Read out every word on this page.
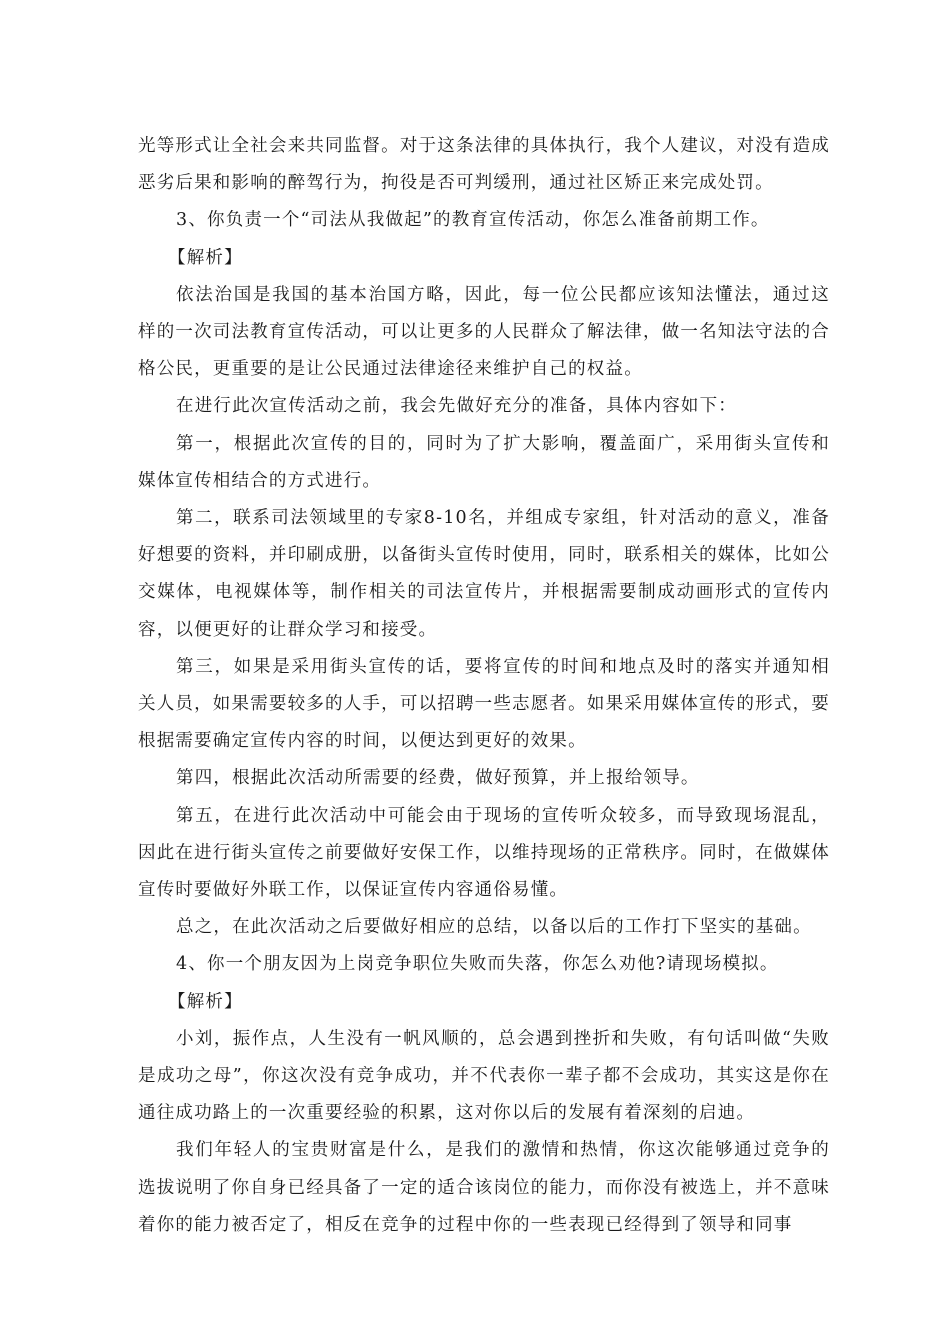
光等形式让全社会来共同监督。对于这条法律的具体执行，我个人建议，对没有造成恶劣后果和影响的醉驾行为，拘役是否可判缓刑，通过社区矫正来完成处罚。

3、你负责一个“司法从我做起”的教育宣传活动，你怎么准备前期工作。

【解析】

依法治国是我国的基本治国方略，因此，每一位公民都应该知法懂法，通过这样的一次司法教育宣传活动，可以让更多的人民群众了解法律，做一名知法守法的合格公民，更重要的是让公民通过法律途径来维护自己的权益。

在进行此次宣传活动之前，我会先做好充分的准备，具体内容如下：

第一，根据此次宣传的目的，同时为了扩大影响，覆盖面广，采用街头宣传和媒体宣传相结合的方式进行。

第二，联系司法领域里的专家8-10名，并组成专家组，针对活动的意义，准备好想要的资料，并印刷成册，以备街头宣传时使用，同时，联系相关的媒体，比如公交媒体，电视媒体等，制作相关的司法宣传片，并根据需要制成动画形式的宣传内容，以便更好的让群众学习和接受。

第三，如果是采用街头宣传的话，要将宣传的时间和地点及时的落实并通知相关人员，如果需要较多的人手，可以招聘一些志愿者。如果采用媒体宣传的形式，要根据需要确定宣传内容的时间，以便达到更好的效果。

第四，根据此次活动所需要的经费，做好预算，并上报给领导。

第五，在进行此次活动中可能会由于现场的宣传听众较多，而导致现场混乱，因此在进行街头宣传之前要做好安保工作，以维持现场的正常秩序。同时，在做媒体宣传时要做好外联工作，以保证宣传内容通俗易懂。

总之，在此次活动之后要做好相应的总结，以备以后的工作打下坚实的基础。

4、你一个朋友因为上岗竞争职位失败而失落，你怎么劝他?请现场模拟。

【解析】

小刘，振作点，人生没有一帆风顺的，总会遇到挫折和失败，有句话叫做“失败是成功之母”，你这次没有竞争成功，并不代表你一辈子都不会成功，其实这是你在通往成功路上的一次重要经验的积累，这对你以后的发展有着深刻的启迪。

我们年轻人的宝贵财富是什么，是我们的激情和热情，你这次能够通过竞争的选拔说明了你自身已经具备了一定的适合该岗位的能力，而你没有被选上，并不意味着你的能力被否定了，相反在竞争的过程中你的一些表现已经得到了领导和同事
